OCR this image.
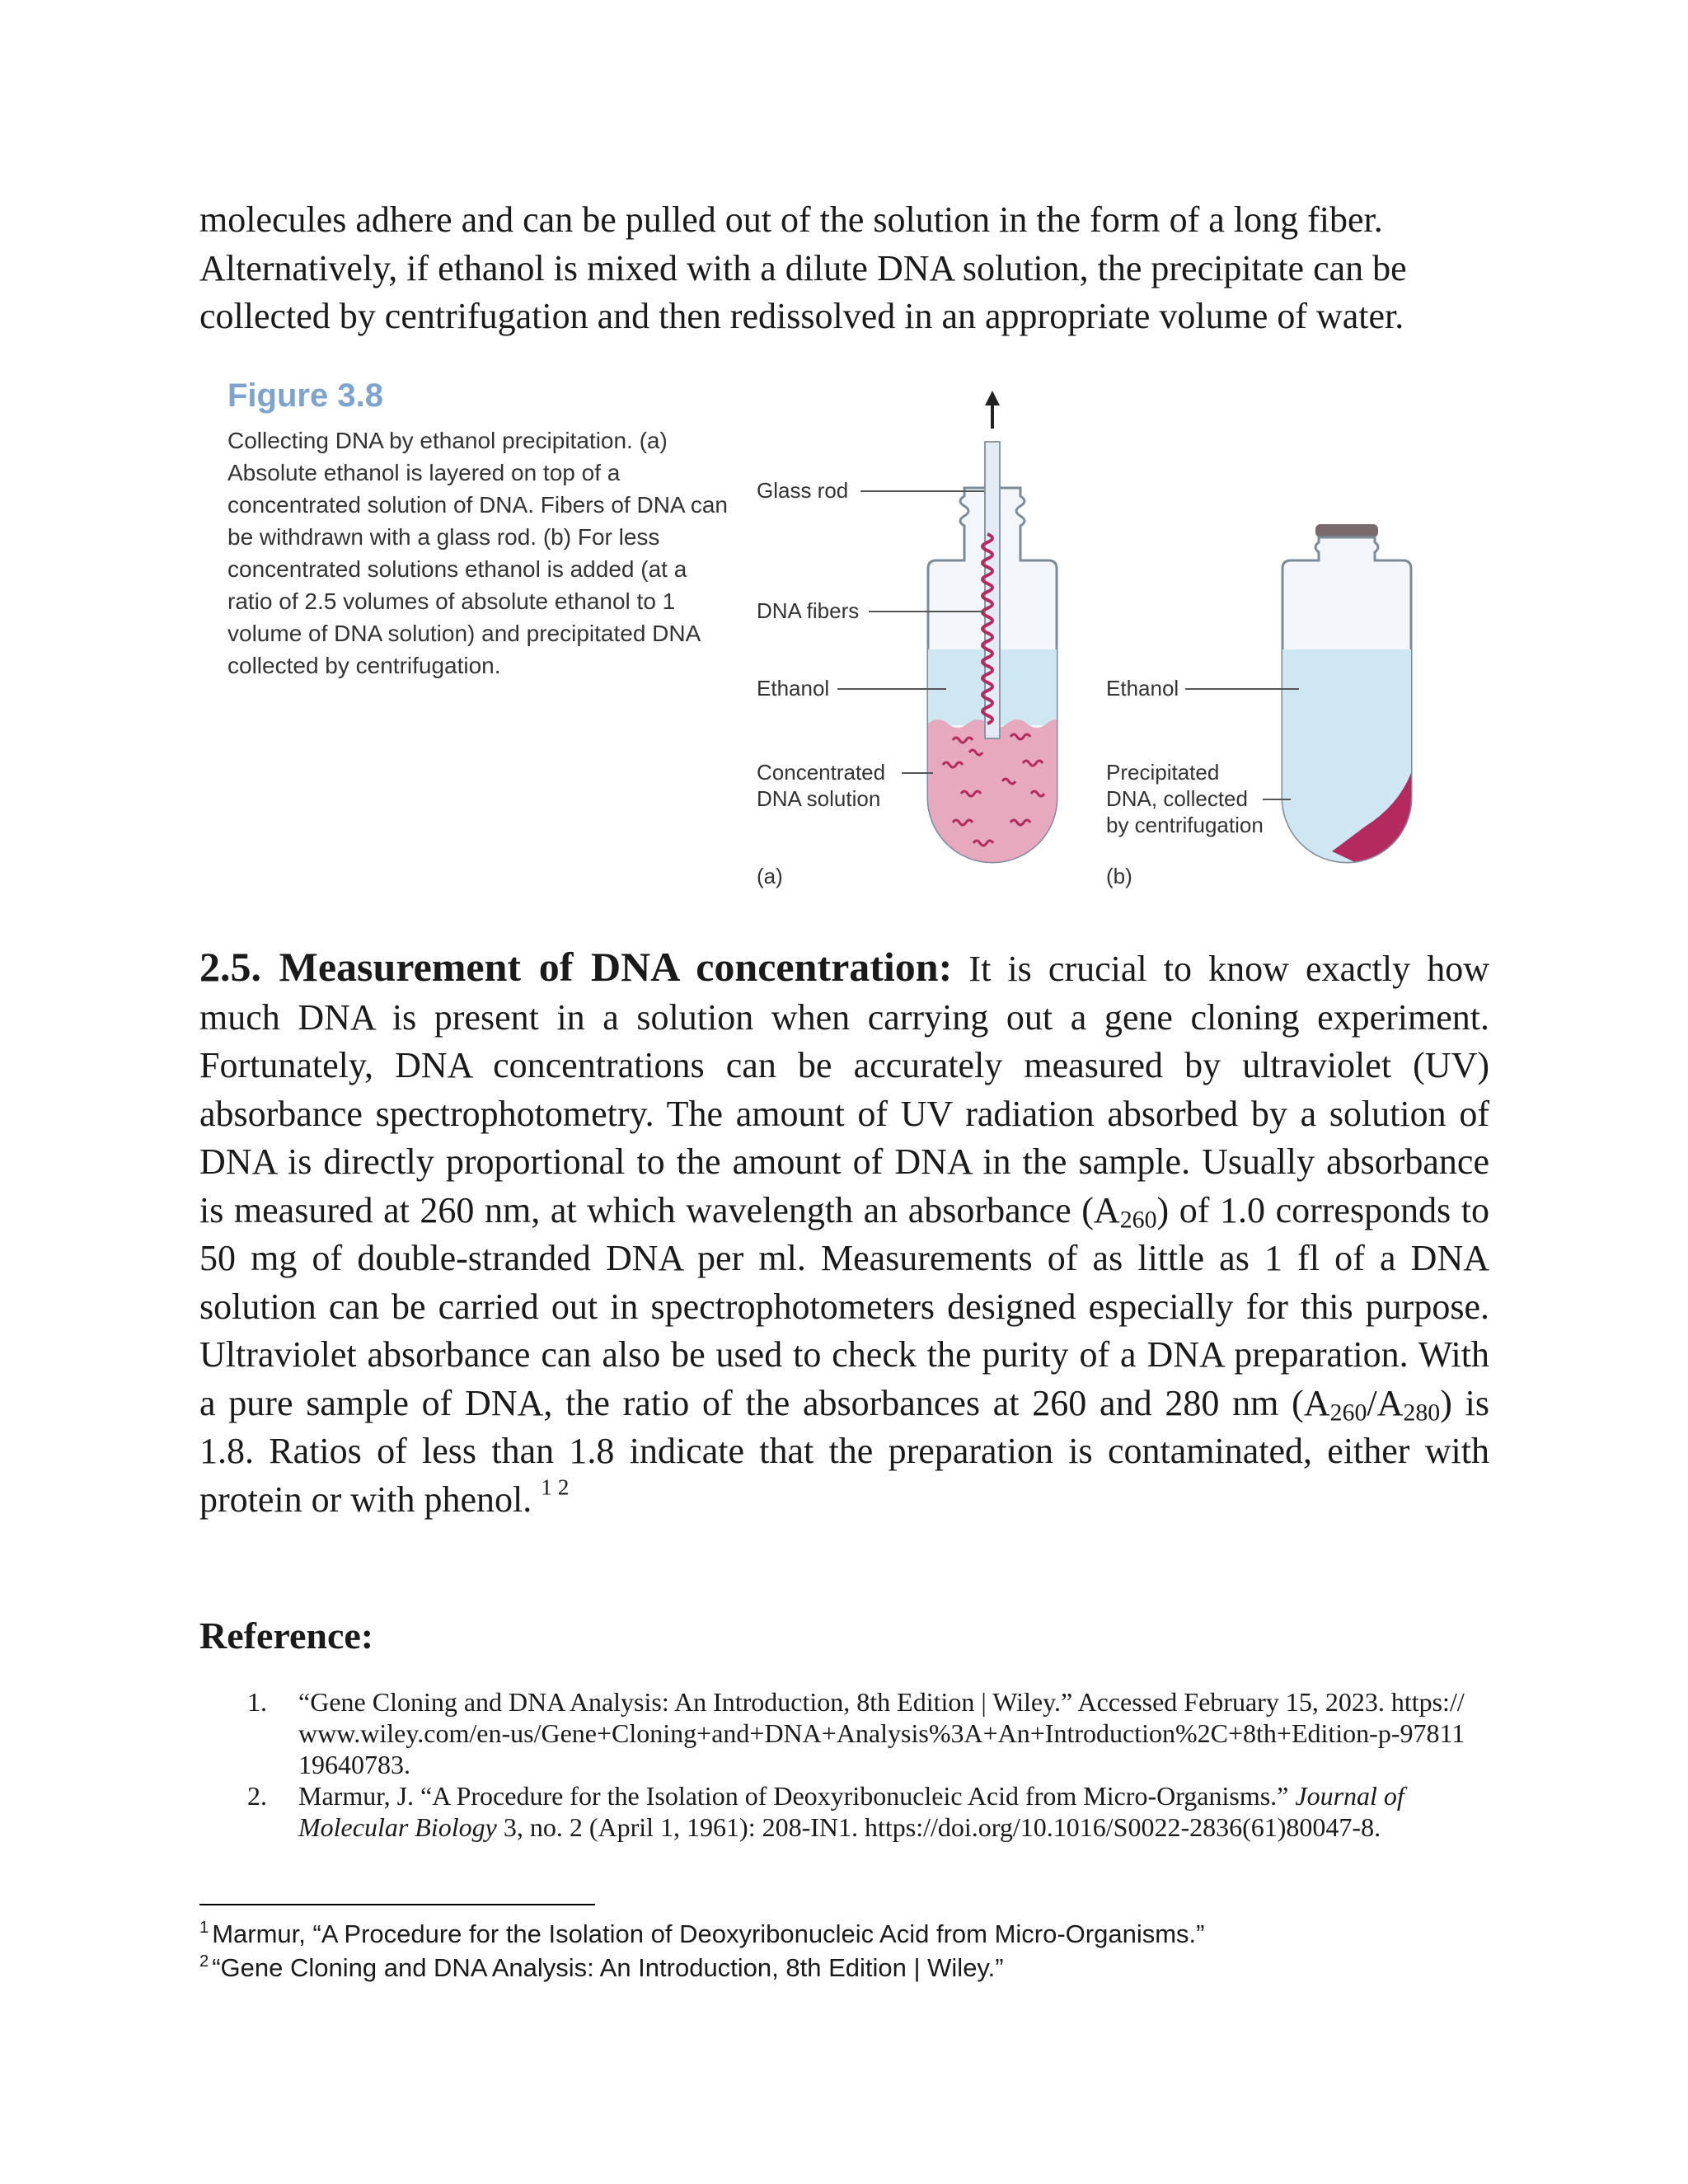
molecules adhere and can be pulled out of the solution in the form of a long fiber. Alternatively, if ethanol is mixed with a dilute DNA solution, the precipitate can be collected by centrifugation and then redissolved in an appropriate volume of water.

Figure 3.8
Collecting DNA by ethanol precipitation. (a) Absolute ethanol is layered on top of a concentrated solution of DNA. Fibers of DNA can be withdrawn with a glass rod. (b) For less concentrated solutions ethanol is added (at a ratio of 2.5 volumes of absolute ethanol to 1 volume of DNA solution) and precipitated DNA collected by centrifugation.
Glass rod
DNA fibers
Ethanol
Concentrated
DNA solution
(a)
Ethanol
Precipitated
DNA, collected
by centrifugation
(b)

2.5. Measurement of DNA concentration: It is crucial to know exactly how much DNA is present in a solution when carrying out a gene cloning experiment. Fortunately, DNA concentrations can be accurately measured by ultraviolet (UV) absorbance spectrophotometry. The amount of UV radiation absorbed by a solution of DNA is directly proportional to the amount of DNA in the sample. Usually absorbance is measured at 260 nm, at which wavelength an absorbance $(A_{260})$ of 1.0 corresponds to 50 mg of double-stranded DNA per ml. Measurements of as little as 1 fl of a DNA solution can be carried out in spectrophotometers designed especially for this purpose. Ultraviolet absorbance can also be used to check the purity of a DNA preparation. With a pure sample of DNA, the ratio of the absorbances at 260 and 280 nm $(A_{260}/A_{280})$ is 1.8. Ratios of less than 1.8 indicate that the preparation is contaminated, either with protein or with phenol. $^{1 2}$

Reference:
1. “Gene Cloning and DNA Analysis: An Introduction, 8th Edition | Wiley.” Accessed February 15, 2023. https://www.wiley.com/en-us/Gene+Cloning+and+DNA+Analysis%3A+An+Introduction%2C+8th+Edition-p-9781119640783.
2. Marmur, J. “A Procedure for the Isolation of Deoxyribonucleic Acid from Micro-Organisms.” Journal of Molecular Biology 3, no. 2 (April 1, 1961): 208-IN1. https://doi.org/10.1016/S0022-2836(61)80047-8.
$^1$ Marmur, “A Procedure for the Isolation of Deoxyribonucleic Acid from Micro-Organisms.”
$^2$ “Gene Cloning and DNA Analysis: An Introduction, 8th Edition | Wiley.”
